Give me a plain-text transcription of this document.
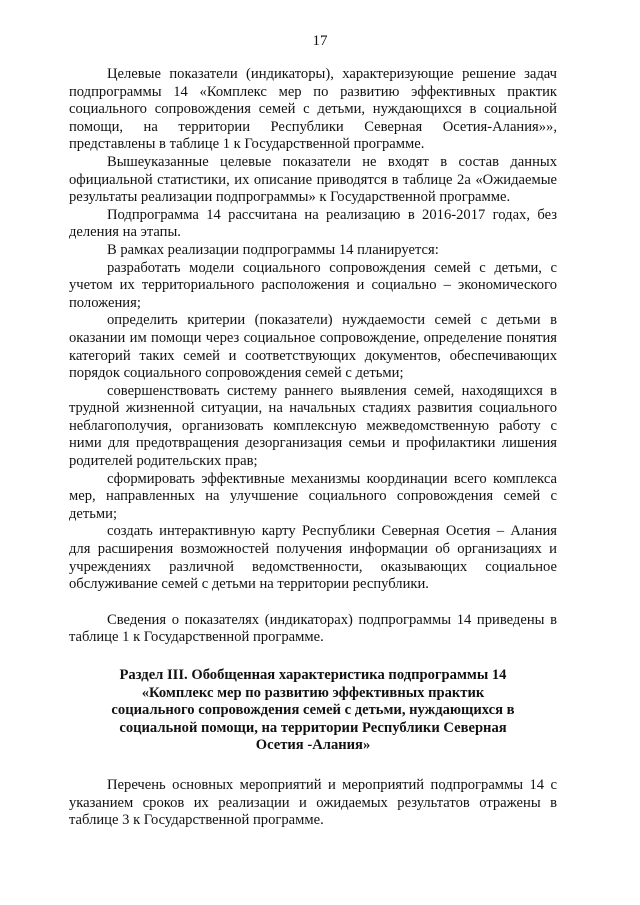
17

Целевые показатели (индикаторы), характеризующие решение задач подпрограммы 14 «Комплекс мер по развитию эффективных практик социального сопровождения семей с детьми, нуждающихся в социальной помощи, на территории Республики Северная Осетия-Алания»», представлены в таблице 1 к Государственной программе.

Вышеуказанные целевые показатели не входят в состав данных официальной статистики, их описание приводятся в таблице 2а «Ожидаемые результаты реализации подпрограммы» к Государственной программе.

Подпрограмма 14 рассчитана на реализацию в 2016-2017 годах, без деления на этапы.

В рамках реализации подпрограммы 14 планируется:

разработать модели социального сопровождения семей с детьми, с учетом их территориального расположения и социально – экономического положения;

определить критерии (показатели) нуждаемости семей с детьми в оказании им помощи через социальное сопровождение, определение понятия категорий таких семей и соответствующих документов, обеспечивающих порядок социального сопровождения семей с детьми;

совершенствовать систему раннего выявления семей, находящихся в трудной жизненной ситуации, на начальных стадиях развития социального неблагополучия, организовать комплексную межведомственную работу с ними для предотвращения дезорганизация семьи и профилактики лишения родителей родительских прав;

сформировать эффективные механизмы координации всего комплекса мер, направленных на улучшение социального сопровождения семей с детьми;

создать интерактивную карту Республики Северная Осетия – Алания для расширения возможностей получения информации об организациях и учреждениях различной ведомственности, оказывающих социальное обслуживание семей с детьми на территории республики.

Сведения о показателях (индикаторах) подпрограммы 14 приведены в таблице 1 к Государственной программе.

Раздел III. Обобщенная характеристика подпрограммы 14 «Комплекс мер по развитию эффективных практик социального сопровождения семей с детьми, нуждающихся в социальной помощи, на территории Республики Северная Осетия -Алания»

Перечень основных мероприятий и мероприятий подпрограммы 14 с указанием сроков их реализации и ожидаемых результатов отражены в таблице 3 к Государственной программе.
